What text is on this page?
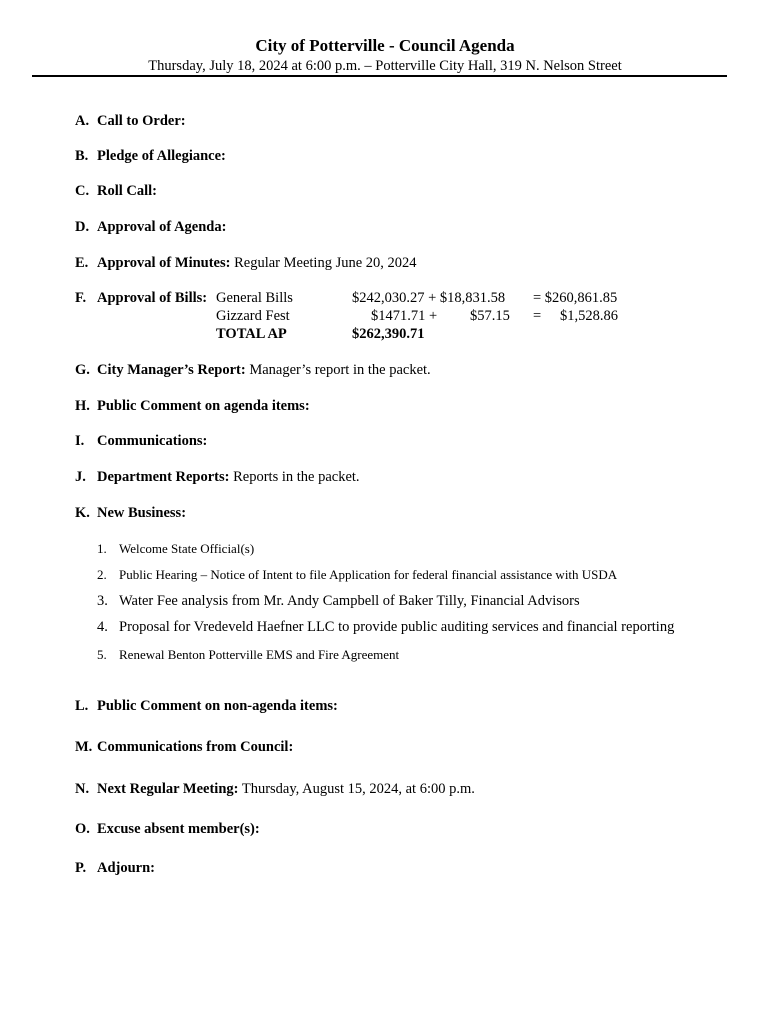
City of Potterville - Council Agenda
Thursday, July 18, 2024 at 6:00 p.m. – Potterville City Hall, 319 N. Nelson Street
A. Call to Order:
B. Pledge of Allegiance:
C. Roll Call:
D. Approval of Agenda:
E. Approval of Minutes: Regular Meeting June 20, 2024
F. Approval of Bills: General Bills	$242,030.27 + $18,831.58 = $260,861.85
Gizzard Fest	$1471.71 + $57.15 = $1,528.86
TOTAL AP	$262,390.71
G. City Manager’s Report: Manager’s report in the packet.
H. Public Comment on agenda items:
I. Communications:
J. Department Reports: Reports in the packet.
K. New Business:
1. Welcome State Official(s)
2. Public Hearing – Notice of Intent to file Application for federal financial assistance with USDA
3. Water Fee analysis from Mr. Andy Campbell of Baker Tilly, Financial Advisors
4. Proposal for Vredeveld Haefner LLC to provide public auditing services and financial reporting
5. Renewal Benton Potterville EMS and Fire Agreement
L. Public Comment on non-agenda items:
M. Communications from Council:
N. Next Regular Meeting: Thursday, August 15, 2024, at 6:00 p.m.
O. Excuse absent member(s):
P. Adjourn:
